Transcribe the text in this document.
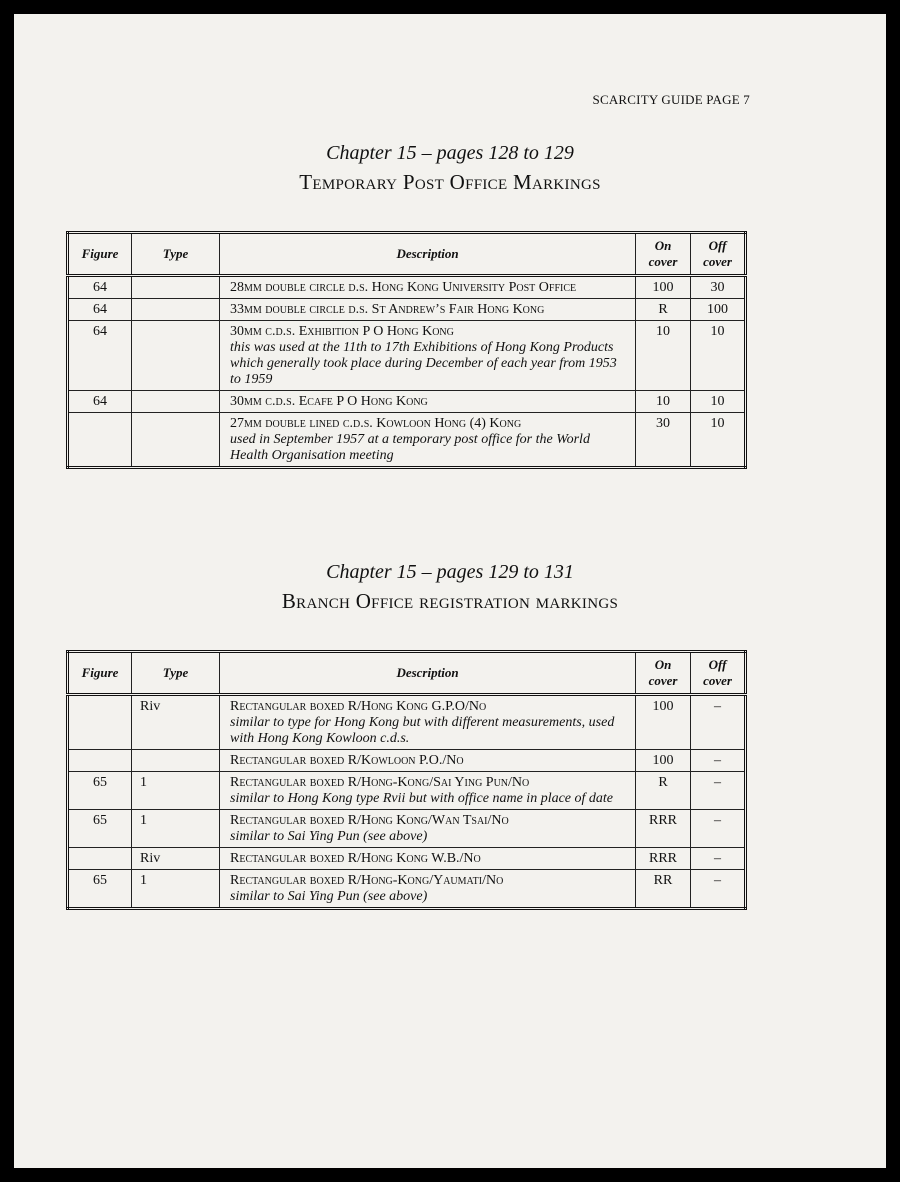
SCARCITY GUIDE PAGE 7
Chapter 15 – pages 128 to 129
Temporary Post Office Markings
Figure	Type	Description	On cover	Off cover
64		28mm double circle d.s. Hong Kong University Post Office	100	30
64		33mm double circle d.s. St Andrew’s Fair Hong Kong	R	100
64		30mm c.d.s. Exhibition P O Hong Kong
this was used at the 11th to 17th Exhibitions of Hong Kong Products which generally took place during December of each year from 1953 to 1959	10	10
64		30mm c.d.s. Ecafe P O Hong Kong	10	10
		27mm double lined c.d.s. Kowloon Hong (4) Kong
used in September 1957 at a temporary post office for the World Health Organisation meeting	30	10
Chapter 15 – pages 129 to 131
Branch Office registration markings
Figure	Type	Description	On cover	Off cover
	Riv	Rectangular boxed R/Hong Kong G.P.O/No
similar to type for Hong Kong but with different measurements, used with Hong Kong Kowloon c.d.s.	100	–
		Rectangular boxed R/Kowloon P.O./No	100	–
65	1	Rectangular boxed R/Hong-Kong/Sai Ying Pun/No
similar to Hong Kong type Rvii but with office name in place of date	R	–
65	1	Rectangular boxed R/Hong Kong/Wan Tsai/No
similar to Sai Ying Pun (see above)	RRR	–
	Riv	Rectangular boxed R/Hong Kong W.B./No	RRR	–
65	1	Rectangular boxed R/Hong-Kong/Yaumati/No
similar to Sai Ying Pun (see above)	RR	–
